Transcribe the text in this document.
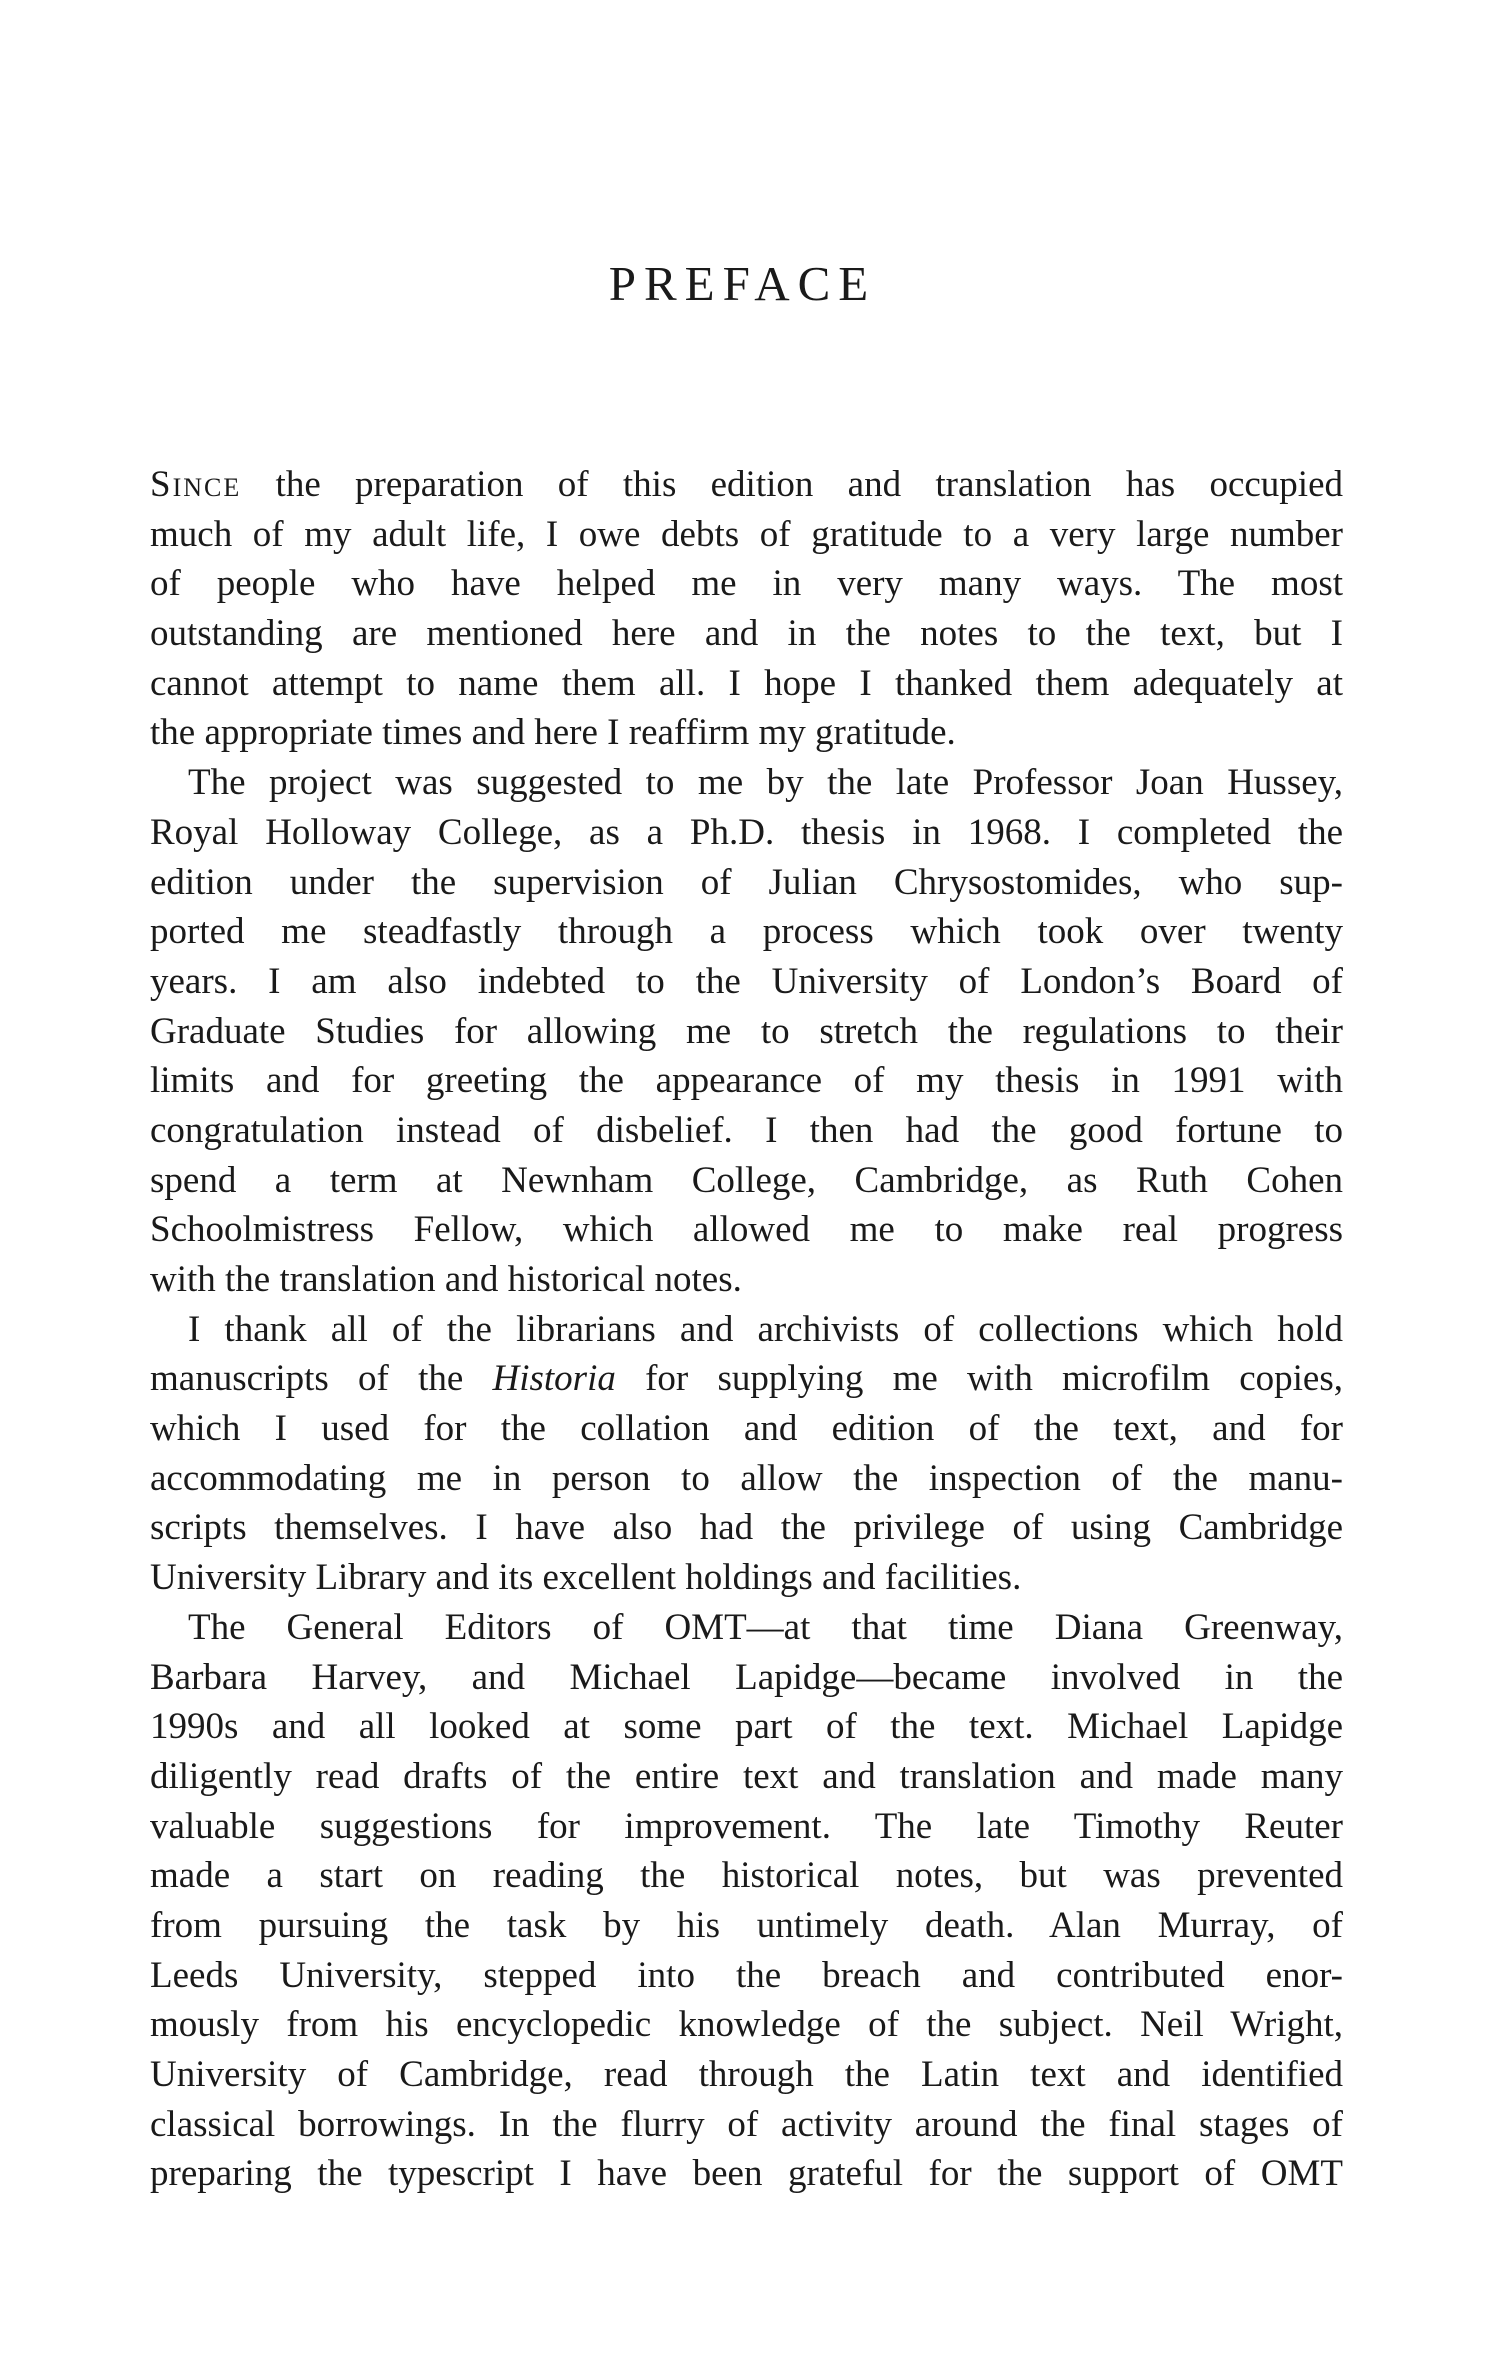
PREFACE
Since the preparation of this edition and translation has occupied
much of my adult life, I owe debts of gratitude to a very large number
of people who have helped me in very many ways. The most
outstanding are mentioned here and in the notes to the text, but I
cannot attempt to name them all. I hope I thanked them adequately at
the appropriate times and here I reaffirm my gratitude.
The project was suggested to me by the late Professor Joan Hussey,
Royal Holloway College, as a Ph.D. thesis in 1968. I completed the
edition under the supervision of Julian Chrysostomides, who sup-
ported me steadfastly through a process which took over twenty
years. I am also indebted to the University of London’s Board of
Graduate Studies for allowing me to stretch the regulations to their
limits and for greeting the appearance of my thesis in 1991 with
congratulation instead of disbelief. I then had the good fortune to
spend a term at Newnham College, Cambridge, as Ruth Cohen
Schoolmistress Fellow, which allowed me to make real progress
with the translation and historical notes.
I thank all of the librarians and archivists of collections which hold
manuscripts of the Historia for supplying me with microfilm copies,
which I used for the collation and edition of the text, and for
accommodating me in person to allow the inspection of the manu-
scripts themselves. I have also had the privilege of using Cambridge
University Library and its excellent holdings and facilities.
The General Editors of OMT—at that time Diana Greenway,
Barbara Harvey, and Michael Lapidge—became involved in the
1990s and all looked at some part of the text. Michael Lapidge
diligently read drafts of the entire text and translation and made many
valuable suggestions for improvement. The late Timothy Reuter
made a start on reading the historical notes, but was prevented
from pursuing the task by his untimely death. Alan Murray, of
Leeds University, stepped into the breach and contributed enor-
mously from his encyclopedic knowledge of the subject. Neil Wright,
University of Cambridge, read through the Latin text and identified
classical borrowings. In the flurry of activity around the final stages of
preparing the typescript I have been grateful for the support of OMT
